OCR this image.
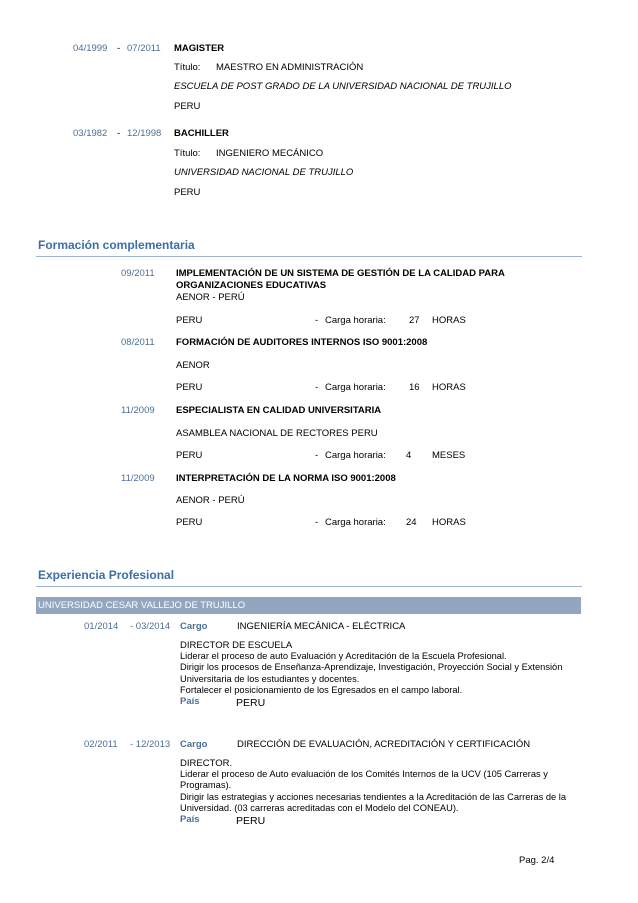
04/1999 - 07/2011 MAGISTER
Título: MAESTRO EN ADMINISTRACIÓN
ESCUELA DE POST GRADO DE LA UNIVERSIDAD NACIONAL DE TRUJILLO
PERU
03/1982 - 12/1998 BACHILLER
Título: INGENIERO MECÁNICO
UNIVERSIDAD NACIONAL DE TRUJILLO
PERU
Formación complementaria
09/2011 IMPLEMENTACIÓN DE UN SISTEMA DE GESTIÓN DE LA CALIDAD PARA
ORGANIZACIONES EDUCATIVAS
AENOR - PERÚ
PERU	- Carga horaria: 27 HORAS
08/2011 FORMACIÓN DE AUDITORES INTERNOS ISO 9001:2008
AENOR
PERU	- Carga horaria: 16 HORAS
11/2009 ESPECIALISTA EN CALIDAD UNIVERSITARIA
ASAMBLEA NACIONAL DE RECTORES PERU
PERU	- Carga horaria: 4 MESES
11/2009 INTERPRETACIÓN DE LA NORMA ISO 9001:2008
AENOR - PERÚ
PERU	- Carga horaria: 24 HORAS
Experiencia Profesional
UNIVERSIDAD CESAR VALLEJO DE TRUJILLO
01/2014 - 03/2014 Cargo	INGENIERÍA MECÁNICA - ELÉCTRICA
DIRECTOR DE ESCUELA
Liderar el proceso de auto Evaluación y Acreditación de la Escuela Profesional.
Dirigir los procesos de Enseñanza-Aprendizaje, Investigación, Proyección Social y Extensión Universitaria de los estudiantes y docentes.
Fortalecer el posicionamiento de los Egresados en el campo laboral.
País	PERU
02/2011 - 12/2013 Cargo	DIRECCIÓN DE EVALUACIÓN, ACREDITACIÓN Y CERTIFICACIÓN
DIRECTOR.
Liderar el proceso de Auto evaluación de los Comités Internos de la UCV (105 Carreras y Programas).
Dirigir las estrategias y acciones necesarias tendientes a la Acreditación de las Carreras de la Universidad. (03 carreras acreditadas con el Modelo del CONEAU).
País	PERU
Pag. 2/4
